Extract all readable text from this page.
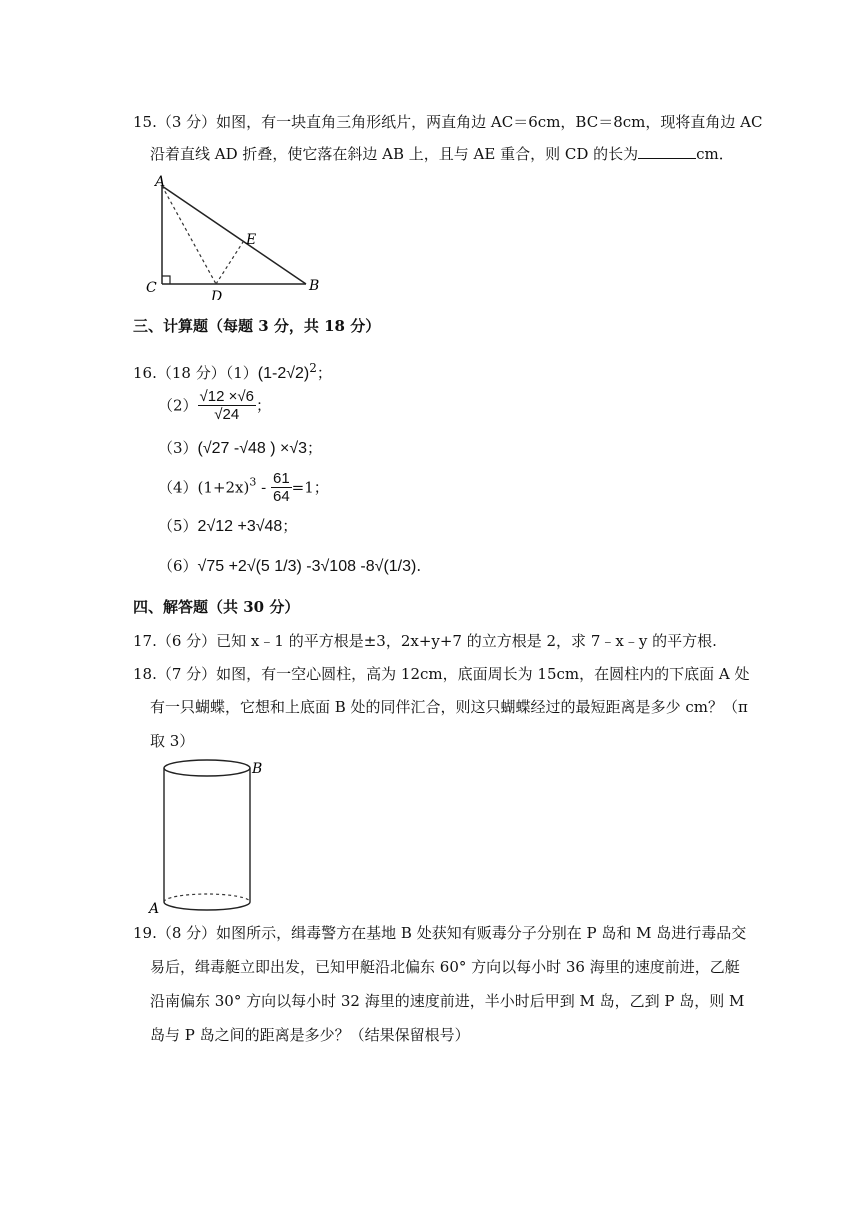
15.（3 分）如图，有一块直角三角形纸片，两直角边 AC＝6cm，BC＝8cm，现将直角边 AC
沿着直线 AD 折叠，使它落在斜边 AB 上，且与 AE 重合，则 CD 的长为	cm．
A
C
D
E
B
三、计算题（每题 3 分，共 18 分）
16.（18 分）$(1)(1-2√2)^2$；
$(2) \frac{√12 \times√6}{√24}$ ；
（3）(√27 -√48 ) ×√3；
$(4)(1+2x)^3 - \frac{61}{64} =1$；
（5）2√12 +3√48；
（6）√75 +2√(5 1/3) -3√108 -8√(1/3).
四、解答题（共 30 分）
17.（6 分）已知 x﹣1 的平方根是±3，2x+y+7 的立方根是 2，求 7﹣x﹣y 的平方根.
18.（7 分）如图，有一空心圆柱，高为 12cm，底面周长为 15cm，在圆柱内的下底面 A 处
有一只蝴蝶，它想和上底面 B 处的同伴汇合，则这只蝴蝶经过的最短距离是多少 cm？（π
取 3）
B
A
19.（8 分）如图所示，缉毒警方在基地 B 处获知有贩毒分子分别在 P 岛和 M 岛进行毒品交
易后，缉毒艇立即出发，已知甲艇沿北偏东 60° 方向以每小时 36 海里的速度前进，乙艇
沿南偏东 30° 方向以每小时 32 海里的速度前进，半小时后甲到 M 岛，乙到 P 岛，则 M
岛与 P 岛之间的距离是多少？（结果保留根号）
